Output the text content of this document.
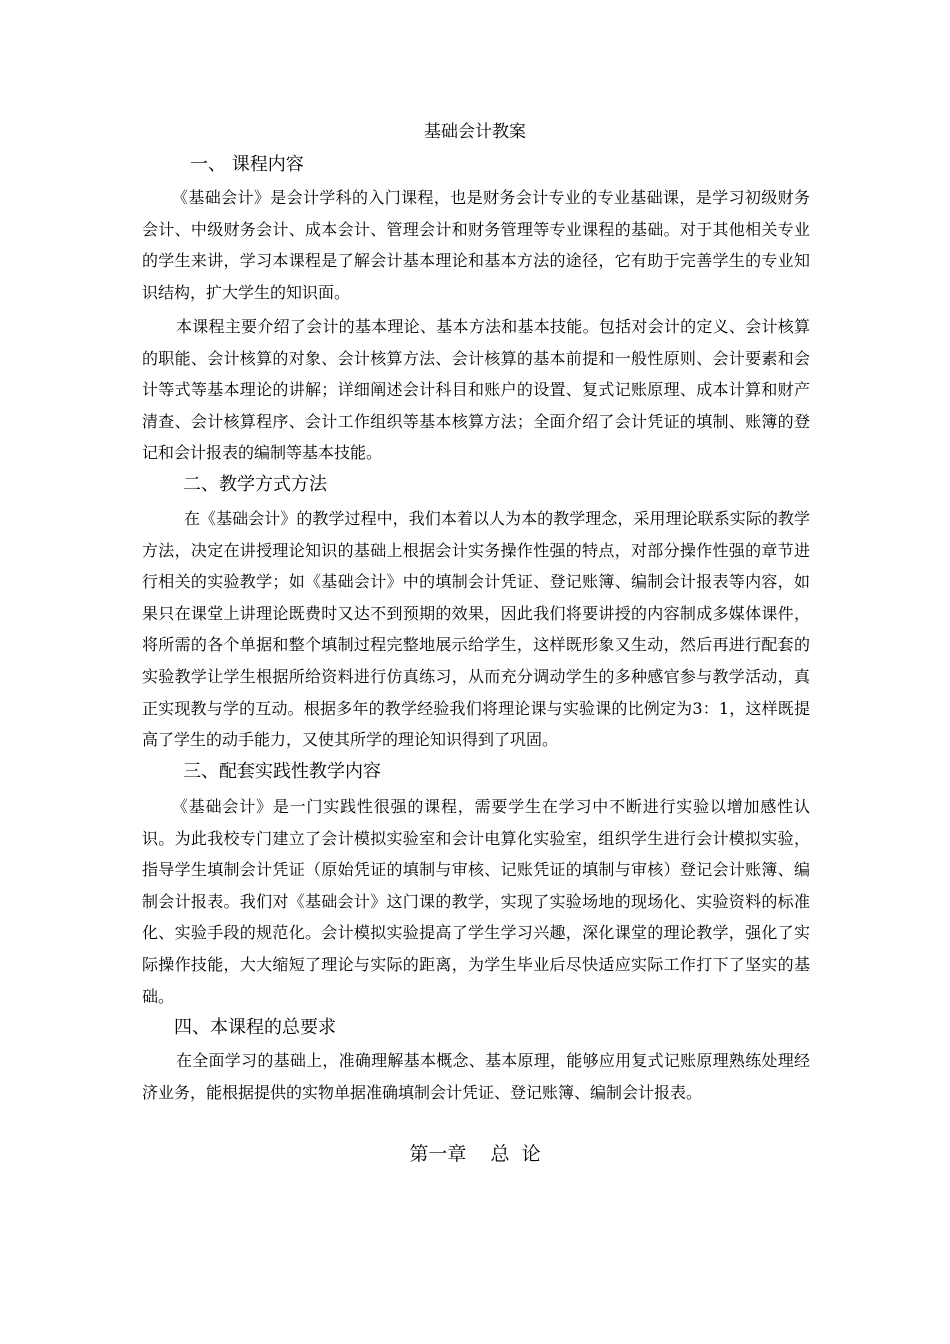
基础会计教案
一、 课程内容

《基础会计》是会计学科的入门课程，也是财务会计专业的专业基础课，是学习初级财务会计、中级财务会计、成本会计、管理会计和财务管理等专业课程的基础。对于其他相关专业的学生来讲，学习本课程是了解会计基本理论和基本方法的途径，它有助于完善学生的专业知识结构，扩大学生的知识面。

本课程主要介绍了会计的基本理论、基本方法和基本技能。包括对会计的定义、会计核算的职能、会计核算的对象、会计核算方法、会计核算的基本前提和一般性原则、会计要素和会计等式等基本理论的讲解；详细阐述会计科目和账户的设置、复式记账原理、成本计算和财产清查、会计核算程序、会计工作组织等基本核算方法；全面介绍了会计凭证的填制、账簿的登记和会计报表的编制等基本技能。

二、教学方式方法

在《基础会计》的教学过程中，我们本着以人为本的教学理念，采用理论联系实际的教学方法，决定在讲授理论知识的基础上根据会计实务操作性强的特点，对部分操作性强的章节进行相关的实验教学；如《基础会计》中的填制会计凭证、登记账簿、编制会计报表等内容，如果只在课堂上讲理论既费时又达不到预期的效果，因此我们将要讲授的内容制成多媒体课件，将所需的各个单据和整个填制过程完整地展示给学生，这样既形象又生动，然后再进行配套的实验教学让学生根据所给资料进行仿真练习，从而充分调动学生的多种感官参与教学活动，真正实现教与学的互动。根据多年的教学经验我们将理论课与实验课的比例定为3：1，这样既提高了学生的动手能力，又使其所学的理论知识得到了巩固。

三、配套实践性教学内容

《基础会计》是一门实践性很强的课程，需要学生在学习中不断进行实验以增加感性认识。为此我校专门建立了会计模拟实验室和会计电算化实验室，组织学生进行会计模拟实验，指导学生填制会计凭证（原始凭证的填制与审核、记账凭证的填制与审核）登记会计账簿、编制会计报表。我们对《基础会计》这门课的教学，实现了实验场地的现场化、实验资料的标准化、实验手段的规范化。会计模拟实验提高了学生学习兴趣，深化课堂的理论教学，强化了实际操作技能，大大缩短了理论与实际的距离，为学生毕业后尽快适应实际工作打下了坚实的基础。

四、本课程的总要求

在全面学习的基础上，准确理解基本概念、基本原理，能够应用复式记账原理熟练处理经济业务，能根据提供的实物单据准确填制会计凭证、登记账簿、编制会计报表。

第一章    总  论
